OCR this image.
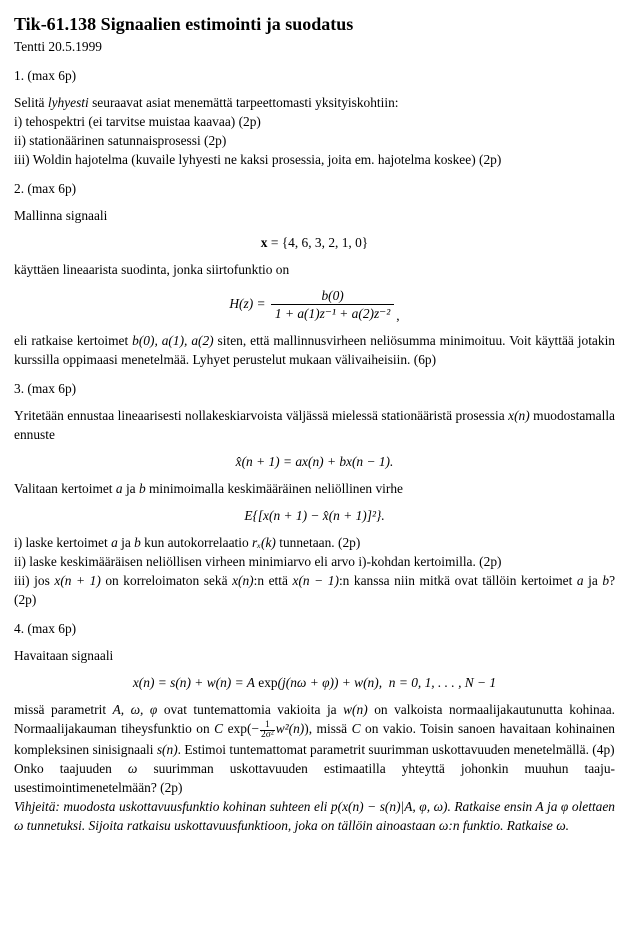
Tik-61.138 Signaalien estimointi ja suodatus
Tentti 20.5.1999
1. (max 6p)
Selitä lyhyesti seuraavat asiat menemättä tarpeettomasti yksityiskohtiin:
i) tehospektri (ei tarvitse muistaa kaavaa) (2p)
ii) stationäärinen satunnaisprosessi (2p)
iii) Woldin hajotelma (kuvaile lyhyesti ne kaksi prosessia, joita em. hajotelma koskee) (2p)
2. (max 6p)
Mallinna signaali
x = {4, 6, 3, 2, 1, 0}
käyttäen lineaarista suodinta, jonka siirtofunktio on
$H(z) = \frac{b(0)}{\text{1 + a(1)z⁻¹ + a(2)z⁻²}}$ ,
eli ratkaise kertoimet b(0), a(1), a(2) siten, että mallinnusvirheen neliösumma minimoituu. Voit käyttää jotakin kurssilla oppimaasi menetelmää. Lyhyet perustelut mukaan välivaiheisiin. (6p)
3. (max 6p)
Yritetään ennustaa lineaarisesti nollakeskiarvoista väljässä mielessä stationääristä prosessia x(n) muodostamalla ennuste
x̂(n + 1) = ax(n) + bx(n − 1).
Valitaan kertoimet a ja b minimoimalla keskimääräinen neliöllinen virhe
E{[x(n + 1) − x̂(n + 1)]²}.
i) laske kertoimet a ja b kun autokorrelaatio rₓ(k) tunnetaan. (2p)
ii) laske keskimääräisen neliöllisen virheen minimiarvo eli arvo i)-kohdan kertoimilla. (2p)
iii) jos x(n + 1) on korreloimaton sekä x(n):n että x(n − 1):n kanssa niin mitkä ovat tällöin kertoimet a ja b? (2p)
4. (max 6p)
Havaitaan signaali
x(n) = s(n) + w(n) = A exp(j(nω + φ)) + w(n),  n = 0, 1, . . . , N − 1
missä parametrit A, ω, φ ovat tuntemattomia vakioita ja w(n) on valkoista normaalijakautunutta kohinaa. Normaalijakauman tiheysfunktio on C $\exp(- \frac{1}{\text{2σ²}} w^2(n))$, missä C on vakio. Toisin sanoen havaitaan kohinainen kompleksinen sinisignaali s(n). Estimoi tuntemattomat parametrit suurimman uskottavuuden menetelmällä. (4p)
Onko taajuuden ω suurimman uskottavuuden estimaatilla yhteyttä johonkin muuhun taajuusestimointimenetelmään? (2p)
Vihjeitä: muodosta uskottavuusfunktio kohinan suhteen eli p(x(n) − s(n)|A, φ, ω). Ratkaise ensin A ja φ olettaen ω tunnetuksi. Sijoita ratkaisu uskottavuusfunktioon, joka on tällöin ainoastaan ω:n funktio. Ratkaise ω.
